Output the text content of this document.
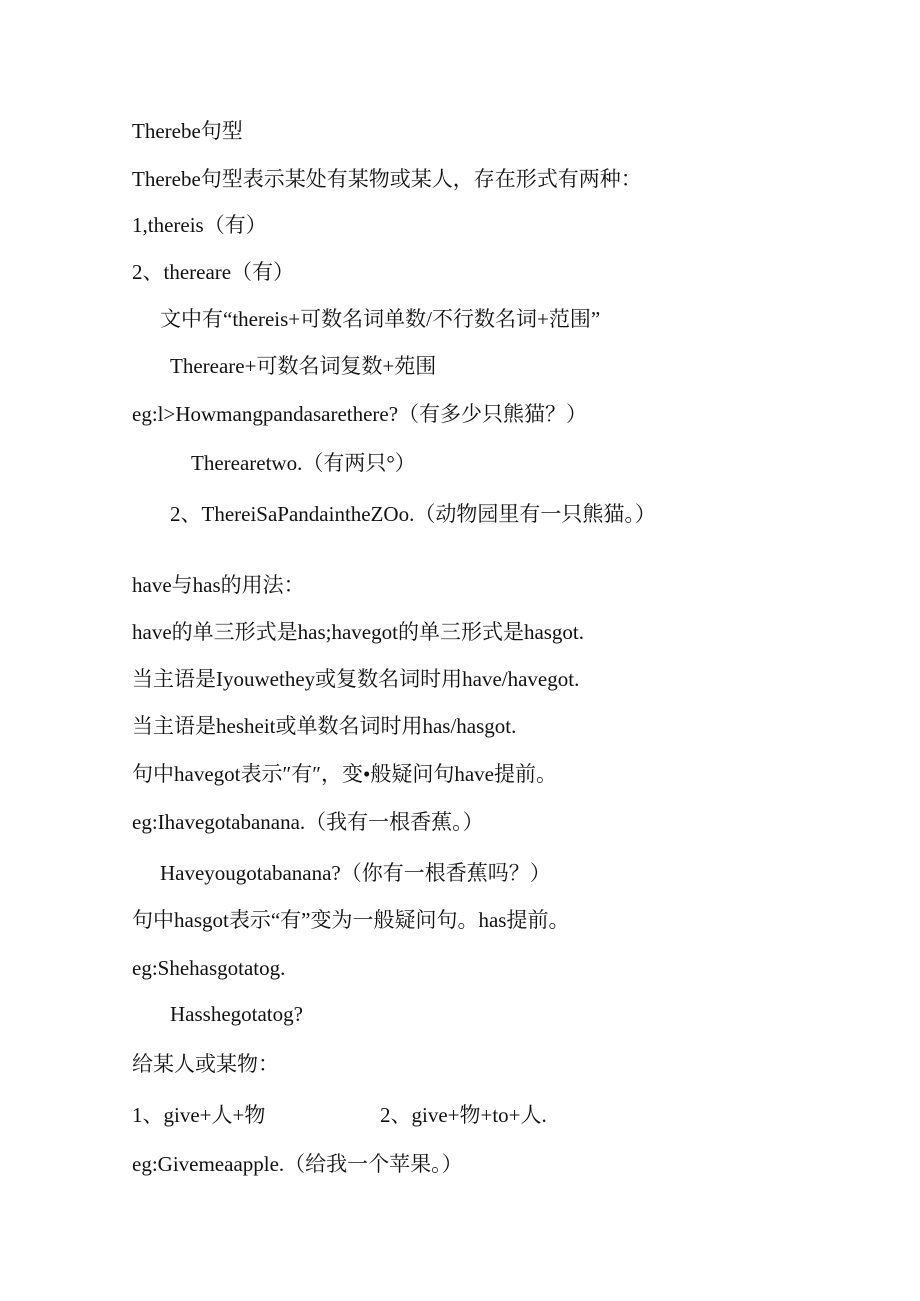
Therebe句型
Therebe句型表示某处有某物或某人，存在形式有两种：
1,thereis（有）
2、thereare（有）
文中有“thereis+可数名词单数/不行数名词+范围”
Thereare+可数名词复数+苑围
eg:l>Howmangpandasarethere?（有多少只熊猫？）
Therearetwo.（有两只°）
2、ThereiSaPandaintheZOo.（动物园里有一只熊猫。）
have与has的用法：
have的单三形式是has;havegot的单三形式是hasgot.
当主语是Iyouwethey或复数名词时用have/havegot.
当主语是hesheit或单数名词时用has/hasgot.
句中havegot表示″有″，变•般疑问句have提前。
eg:Ihavegotabanana.（我有一根香蕉。）
Haveyougotabanana?（你有一根香蕉吗？）
句中hasgot表示“有”变为一般疑问句。has提前。
eg:Shehasgotatog.
Hasshegotatog?
给某人或某物：
1、give+人+物	2、give+物+to+人.
eg:Givemeaapple.（给我一个苹果。）
